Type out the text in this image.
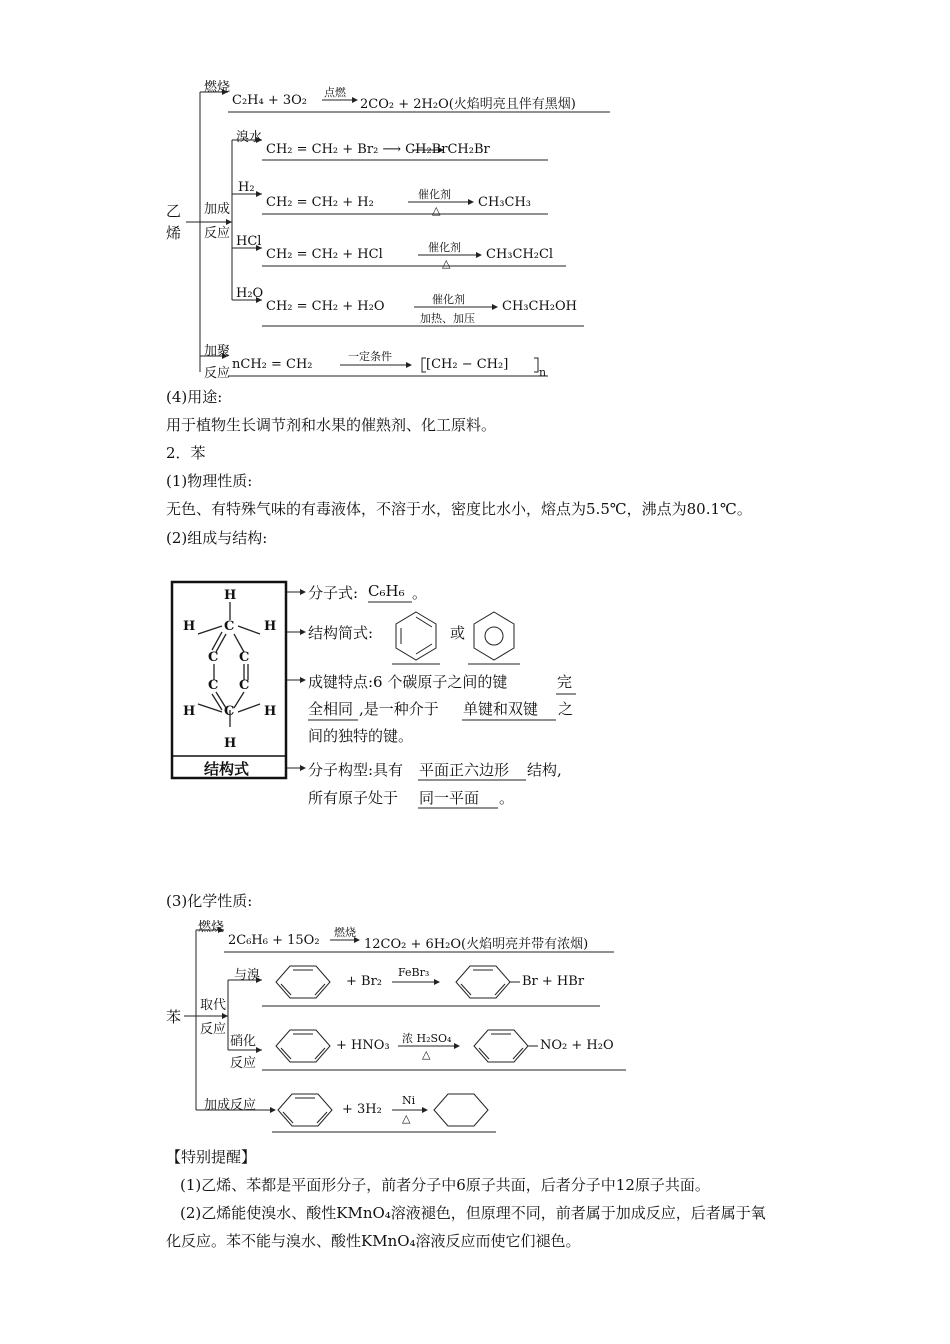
乙
烯
燃烧
C₂H₄ + 3O₂
点燃
2CO₂ + 2H₂O(火焰明亮且伴有黑烟)
加成
反应
溴水
CH₂ = CH₂ + Br₂ ⟶ CH₂BrCH₂Br
H₂
CH₂ = CH₂ + H₂
催化剂
△
CH₃CH₃
HCl
CH₂ = CH₂ + HCl	催化剂
△
CH₃CH₂Cl
H₂O
CH₂ = CH₂ + H₂O	催化剂
加热、加压
CH₃CH₂OH
加聚
反应
nCH₂ = CH₂
一定条件
[CH₂ − CH₂]
n
(4)用途:
用于植物生长调节剂和水果的催熟剂、化工原料。
2．苯
(1)物理性质:
无色、有特殊气味的有毒液体，不溶于水，密度比水小，熔点为5.5℃，沸点为80.1℃。
(2)组成与结构:
H
H C H
C C
C C
H C H
H
结构式
分子式: C₆H₆ 。
结构简式:	或
成键特点:6 个碳原子之间的键	完
全相同 ,是一种介于 单键和双键 之
间的独特的键。
分子构型:具有 平面正六边形 结构,
所有原子处于 同一平面 。
(3)化学性质:
苯
燃烧
2C₆H₆ + 15O₂
燃烧
12CO₂ + 6H₂O(火焰明亮并带有浓烟)
取代
反应
与溴	+ Br₂
FeBr₃
Br + HBr
硝化
反应
+ HNO₃ 浓 H₂SO₄
△
NO₂ + H₂O
加成反应	+ 3H₂
Ni
△
【特别提醒】
(1)乙烯、苯都是平面形分子，前者分子中6原子共面，后者分子中12原子共面。
(2)乙烯能使溴水、酸性KMnO₄溶液褪色，但原理不同，前者属于加成反应，后者属于氧
化反应。苯不能与溴水、酸性KMnO₄溶液反应而使它们褪色。
